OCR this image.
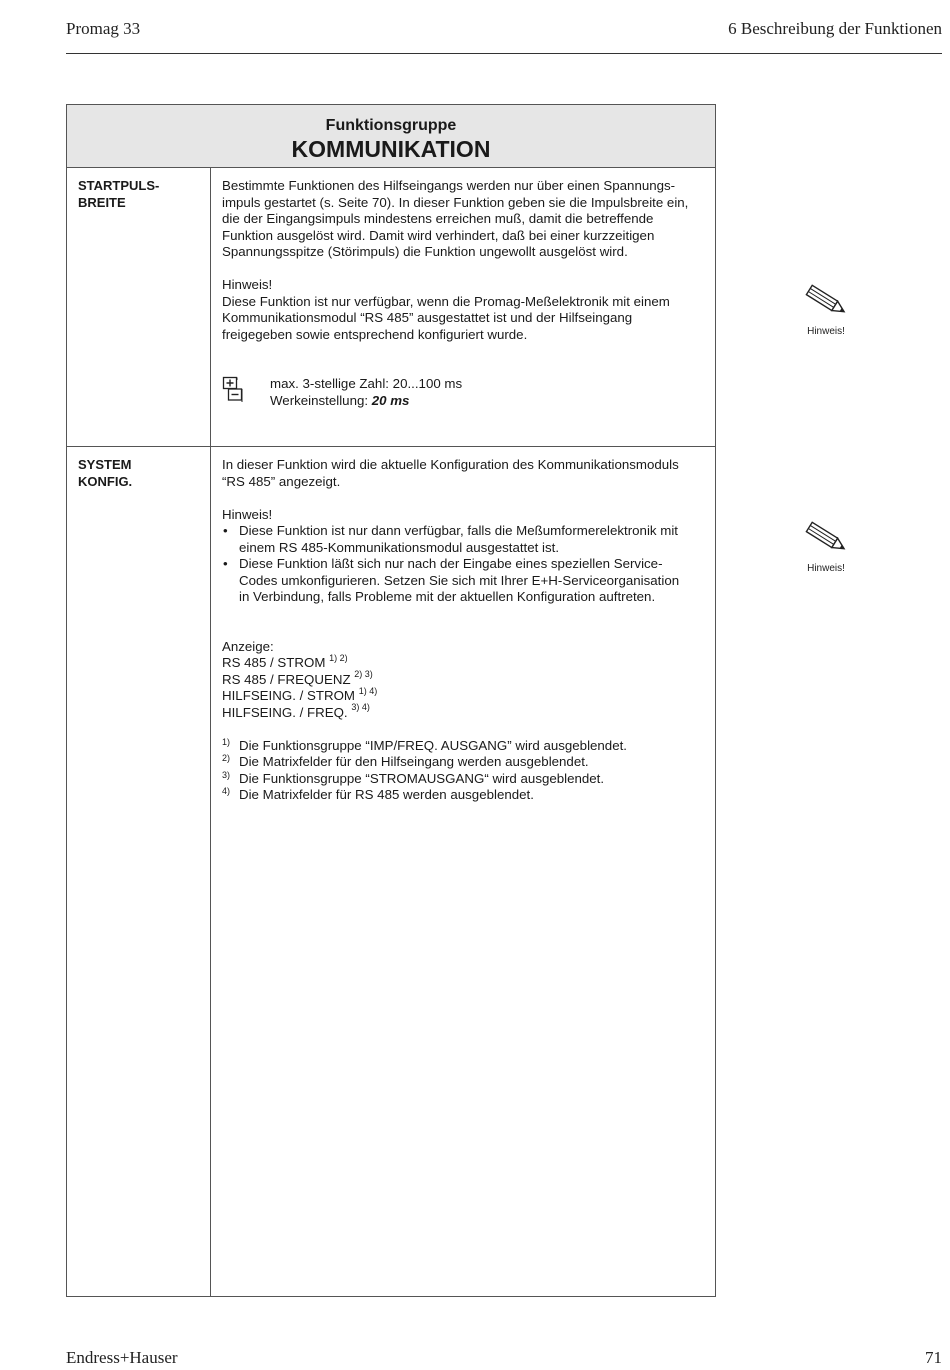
Promag 33	6 Beschreibung der Funktionen
Funktionsgruppe
KOMMUNIKATION
STARTPULS-
BREITE

Bestimmte Funktionen des Hilfseingangs werden nur über einen Spannungs-

impuls gestartet (s. Seite 70). In dieser Funktion geben sie die Impulsbreite ein,

die der Eingangsimpuls mindestens erreichen muß, damit die betreffende

Funktion ausgelöst wird. Damit wird verhindert, daß bei einer kurzzeitigen

Spannungsspitze (Störimpuls) die Funktion ungewollt ausgelöst wird.

Hinweis!

Diese Funktion ist nur verfügbar, wenn die Promag-Meßelektronik mit einem

Kommunikationsmodul “RS 485” ausgestattet ist und der Hilfseingang

freigegeben sowie entsprechend konfiguriert wurde.

max. 3-stellige Zahl: 20...100 ms

Werkeinstellung: 20 ms

SYSTEM
KONFIG.

In dieser Funktion wird die aktuelle Konfiguration des Kommunikationsmoduls

“RS 485” angezeigt.

Hinweis!

• Diese Funktion ist nur dann verfügbar, falls die Meßumformerelektronik mit
einem RS 485-Kommunikationsmodul ausgestattet ist.
• Diese Funktion läßt sich nur nach der Eingabe eines speziellen Service-
Codes umkonfigurieren. Setzen Sie sich mit Ihrer E+H-Serviceorganisation
in Verbindung, falls Probleme mit der aktuellen Konfiguration auftreten.

Anzeige:

RS 485 / STROM $^{1) 2)}$
RS 485 / FREQUENZ $^{2) 3)}$
HILFSEING. / STROM $^{1) 4)}$
HILFSEING. / FREQ. $^{3) 4)}$
1) Die Funktionsgruppe “IMP/FREQ. AUSGANG” wird ausgeblendet.
2) Die Matrixfelder für den Hilfseingang werden ausgeblendet.
3) Die Funktionsgruppe “STROMAUSGANG“ wird ausgeblendet.
4) Die Matrixfelder für RS 485 werden ausgeblendet.
Hinweis!
Hinweis!
Endress+Hauser	71
